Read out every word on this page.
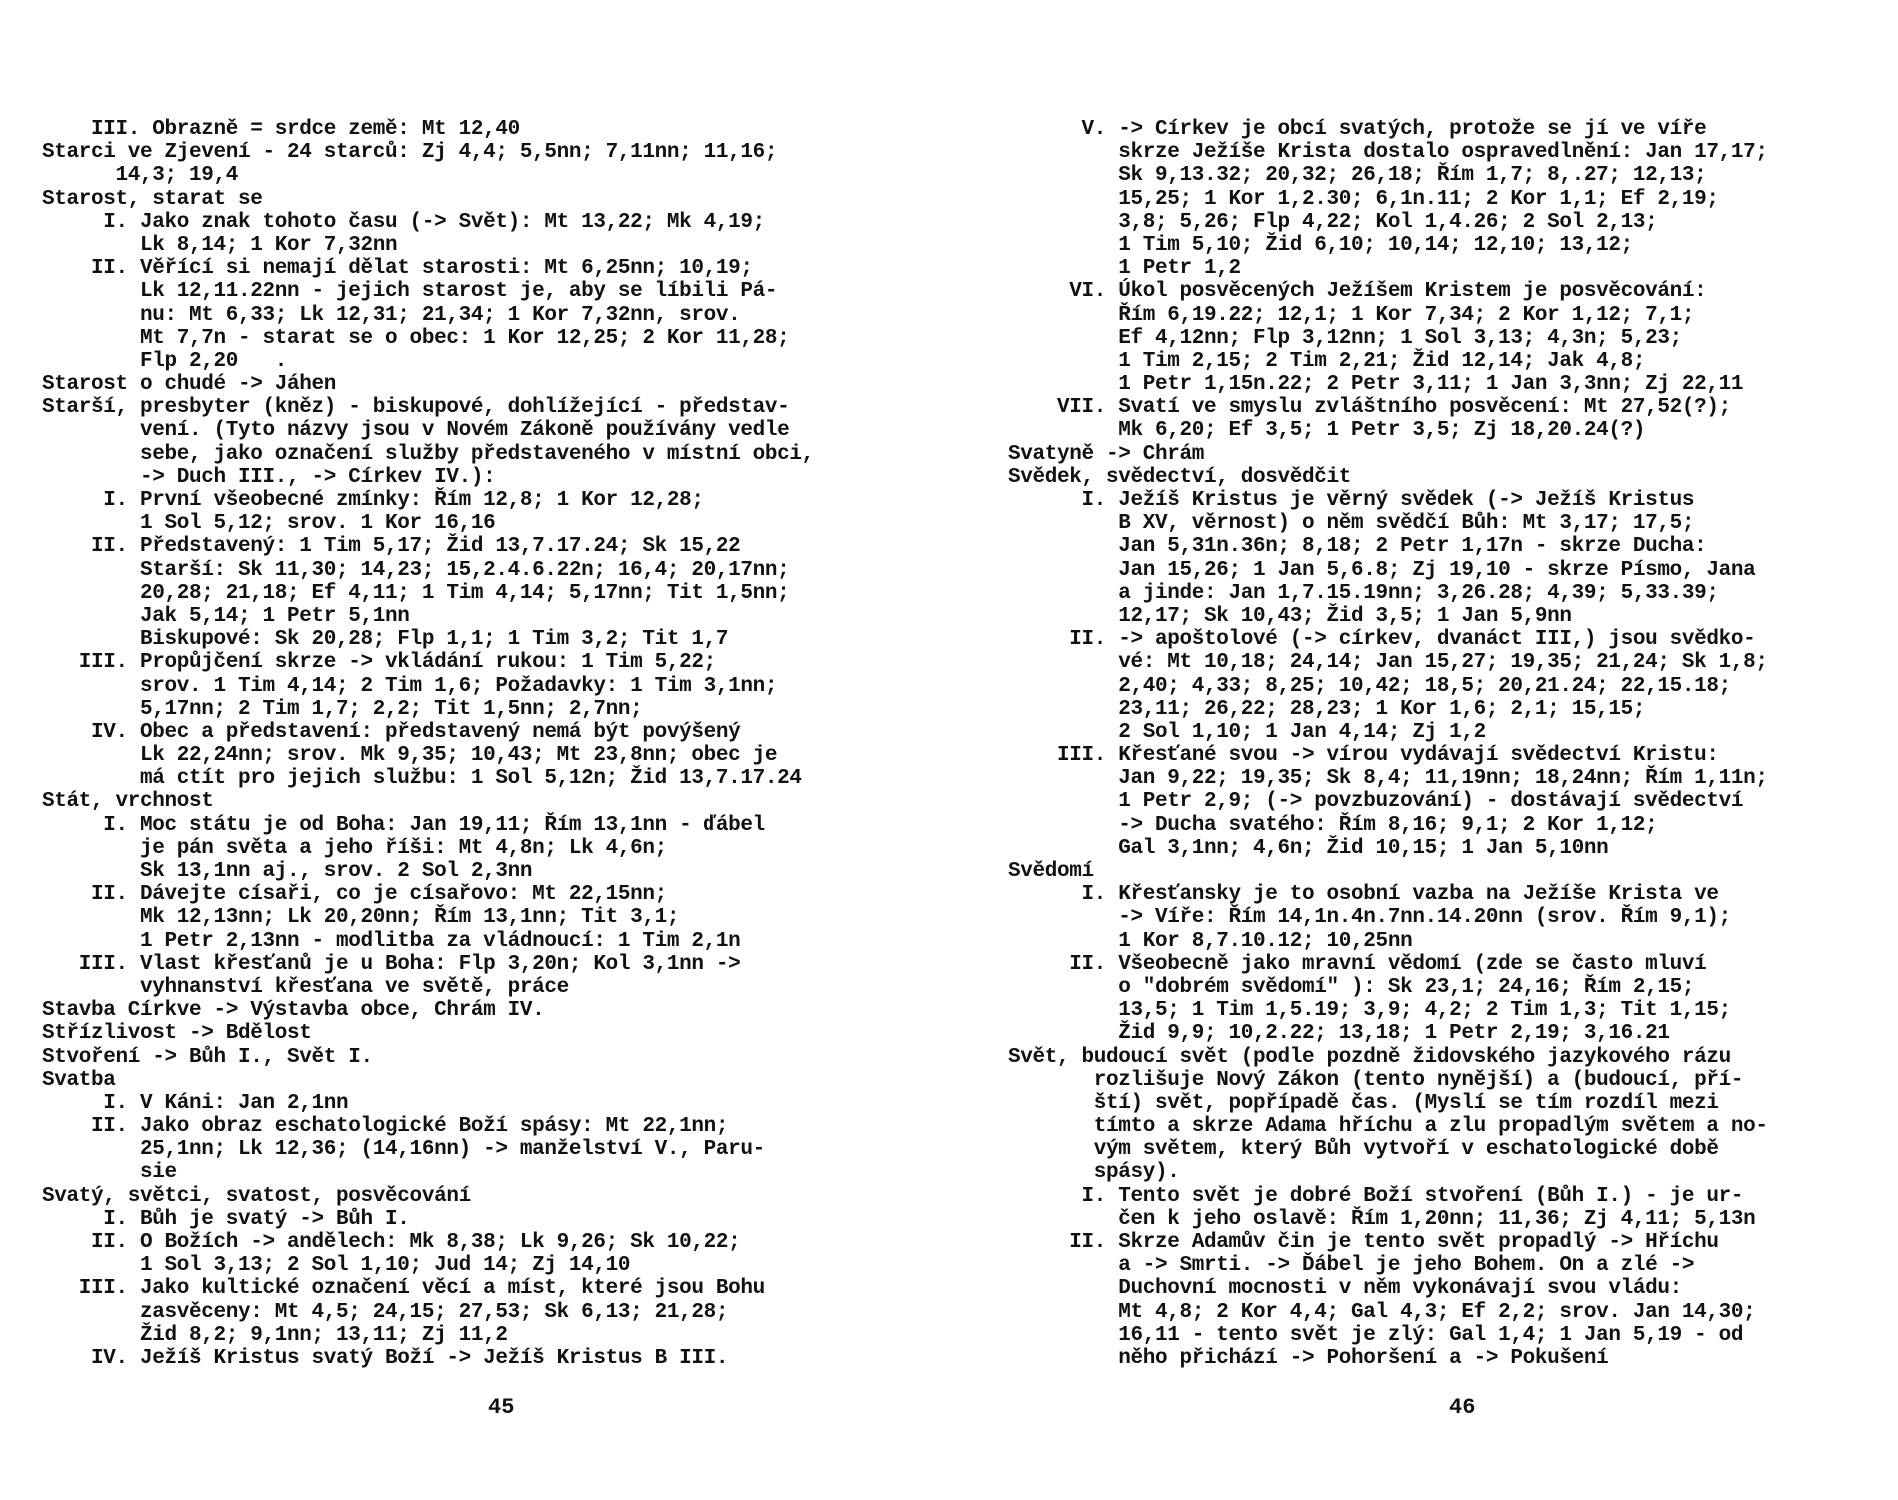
III. Obrazně = srdce země: Mt 12,40
Starci ve Zjevení - 24 starců: Zj 4,4; 5,5nn; 7,11nn; 11,16;
14,3; 19,4
Starost, starat se
I. Jako znak tohoto času (-> Svět): Mt 13,22; Mk 4,19;
Lk 8,14; 1 Kor 7,32nn
II. Věřící si nemají dělat starosti: Mt 6,25nn; 10,19;
Lk 12,11.22nn - jejich starost je, aby se líbili Pá-
nu: Mt 6,33; Lk 12,31; 21,34; 1 Kor 7,32nn, srov.
Mt 7,7n - starat se o obec: 1 Kor 12,25; 2 Kor 11,28;
Flp 2,20   .
Starost o chudé -> Jáhen
Starší, presbyter (kněz) - biskupové, dohlížející - představ-
vení. (Tyto názvy jsou v Novém Zákoně používány vedle
sebe, jako označení služby představeného v místní obci,
-> Duch III., -> Církev IV.):
I. První všeobecné zmínky: Řím 12,8; 1 Kor 12,28;
1 Sol 5,12; srov. 1 Kor 16,16
II. Představený: 1 Tim 5,17; Žid 13,7.17.24; Sk 15,22
Starší: Sk 11,30; 14,23; 15,2.4.6.22n; 16,4; 20,17nn;
20,28; 21,18; Ef 4,11; 1 Tim 4,14; 5,17nn; Tit 1,5nn;
Jak 5,14; 1 Petr 5,1nn
Biskupové: Sk 20,28; Flp 1,1; 1 Tim 3,2; Tit 1,7
III. Propůjčení skrze -> vkládání rukou: 1 Tim 5,22;
srov. 1 Tim 4,14; 2 Tim 1,6; Požadavky: 1 Tim 3,1nn;
5,17nn; 2 Tim 1,7; 2,2; Tit 1,5nn; 2,7nn;
IV. Obec a představení: představený nemá být povýšený
Lk 22,24nn; srov. Mk 9,35; 10,43; Mt 23,8nn; obec je
má ctít pro jejich službu: 1 Sol 5,12n; Žid 13,7.17.24
Stát, vrchnost
I. Moc státu je od Boha: Jan 19,11; Řím 13,1nn - ďábel
je pán světa a jeho říši: Mt 4,8n; Lk 4,6n;
Sk 13,1nn aj., srov. 2 Sol 2,3nn
II. Dávejte císaři, co je císařovo: Mt 22,15nn;
Mk 12,13nn; Lk 20,20nn; Řím 13,1nn; Tit 3,1;
1 Petr 2,13nn - modlitba za vládnoucí: 1 Tim 2,1n
III. Vlast křesťanů je u Boha: Flp 3,20n; Kol 3,1nn ->
vyhnanství křesťana ve světě, práce
Stavba Církve -> Výstavba obce, Chrám IV.
Střízlivost -> Bdělost
Stvoření -> Bůh I., Svět I.
Svatba
I. V Káni: Jan 2,1nn
II. Jako obraz eschatologické Boží spásy: Mt 22,1nn;
25,1nn; Lk 12,36; (14,16nn) -> manželství V., Paru-
sie
Svatý, světci, svatost, posvěcování
I. Bůh je svatý -> Bůh I.
II. O Božích -> andělech: Mk 8,38; Lk 9,26; Sk 10,22;
1 Sol 3,13; 2 Sol 1,10; Jud 14; Zj 14,10
III. Jako kultické označení věcí a míst, které jsou Bohu
zasvěceny: Mt 4,5; 24,15; 27,53; Sk 6,13; 21,28;
Žid 8,2; 9,1nn; 13,11; Zj 11,2
IV. Ježíš Kristus svatý Boží -> Ježíš Kristus B III.
V. -> Církev je obcí svatých, protože se jí ve víře
skrze Ježíše Krista dostalo ospravedlnění: Jan 17,17;
Sk 9,13.32; 20,32; 26,18; Řím 1,7; 8,.27; 12,13;
15,25; 1 Kor 1,2.30; 6,1n.11; 2 Kor 1,1; Ef 2,19;
3,8; 5,26; Flp 4,22; Kol 1,4.26; 2 Sol 2,13;
1 Tim 5,10; Žid 6,10; 10,14; 12,10; 13,12;
1 Petr 1,2
VI. Úkol posvěcených Ježíšem Kristem je posvěcování:
Řím 6,19.22; 12,1; 1 Kor 7,34; 2 Kor 1,12; 7,1;
Ef 4,12nn; Flp 3,12nn; 1 Sol 3,13; 4,3n; 5,23;
1 Tim 2,15; 2 Tim 2,21; Žid 12,14; Jak 4,8;
1 Petr 1,15n.22; 2 Petr 3,11; 1 Jan 3,3nn; Zj 22,11
VII. Svatí ve smyslu zvláštního posvěcení: Mt 27,52(?);
Mk 6,20; Ef 3,5; 1 Petr 3,5; Zj 18,20.24(?)
Svatyně -> Chrám
Svědek, svědectví, dosvědčit
I. Ježíš Kristus je věrný svědek (-> Ježíš Kristus
B XV, věrnost) o něm svědčí Bůh: Mt 3,17; 17,5;
Jan 5,31n.36n; 8,18; 2 Petr 1,17n - skrze Ducha:
Jan 15,26; 1 Jan 5,6.8; Zj 19,10 - skrze Písmo, Jana
a jinde: Jan 1,7.15.19nn; 3,26.28; 4,39; 5,33.39;
12,17; Sk 10,43; Žid 3,5; 1 Jan 5,9nn
II. -> apoštolové (-> církev, dvanáct III,) jsou svědko-
vé: Mt 10,18; 24,14; Jan 15,27; 19,35; 21,24; Sk 1,8;
2,40; 4,33; 8,25; 10,42; 18,5; 20,21.24; 22,15.18;
23,11; 26,22; 28,23; 1 Kor 1,6; 2,1; 15,15;
2 Sol 1,10; 1 Jan 4,14; Zj 1,2
III. Křesťané svou -> vírou vydávají svědectví Kristu:
Jan 9,22; 19,35; Sk 8,4; 11,19nn; 18,24nn; Řím 1,11n;
1 Petr 2,9; (-> povzbuzování) - dostávají svědectví
-> Ducha svatého: Řím 8,16; 9,1; 2 Kor 1,12;
Gal 3,1nn; 4,6n; Žid 10,15; 1 Jan 5,10nn
Svědomí
I. Křesťansky je to osobní vazba na Ježíše Krista ve
-> Víře: Řím 14,1n.4n.7nn.14.20nn (srov. Řím 9,1);
1 Kor 8,7.10.12; 10,25nn
II. Všeobecně jako mravní vědomí (zde se často mluví
o "dobrém svědomí" ): Sk 23,1; 24,16; Řím 2,15;
13,5; 1 Tim 1,5.19; 3,9; 4,2; 2 Tim 1,3; Tit 1,15;
Žid 9,9; 10,2.22; 13,18; 1 Petr 2,19; 3,16.21
Svět, budoucí svět (podle pozdně židovského jazykového rázu
rozlišuje Nový Zákon (tento nynější) a (budoucí, pří-
ští) svět, popřípadě čas. (Myslí se tím rozdíl mezi
tímto a skrze Adama hříchu a zlu propadlým světem a no-
vým světem, který Bůh vytvoří v eschatologické době
spásy).
I. Tento svět je dobré Boží stvoření (Bůh I.) - je ur-
čen k jeho oslavě: Řím 1,20nn; 11,36; Zj 4,11; 5,13n
II. Skrze Adamův čin je tento svět propadlý -> Hříchu
a -> Smrti. -> Ďábel je jeho Bohem. On a zlé ->
Duchovní mocnosti v něm vykonávají svou vládu:
Mt 4,8; 2 Kor 4,4; Gal 4,3; Ef 2,2; srov. Jan 14,30;
16,11 - tento svět je zlý: Gal 1,4; 1 Jan 5,19 - od
něho přichází -> Pohoršení a -> Pokušení
45	46
